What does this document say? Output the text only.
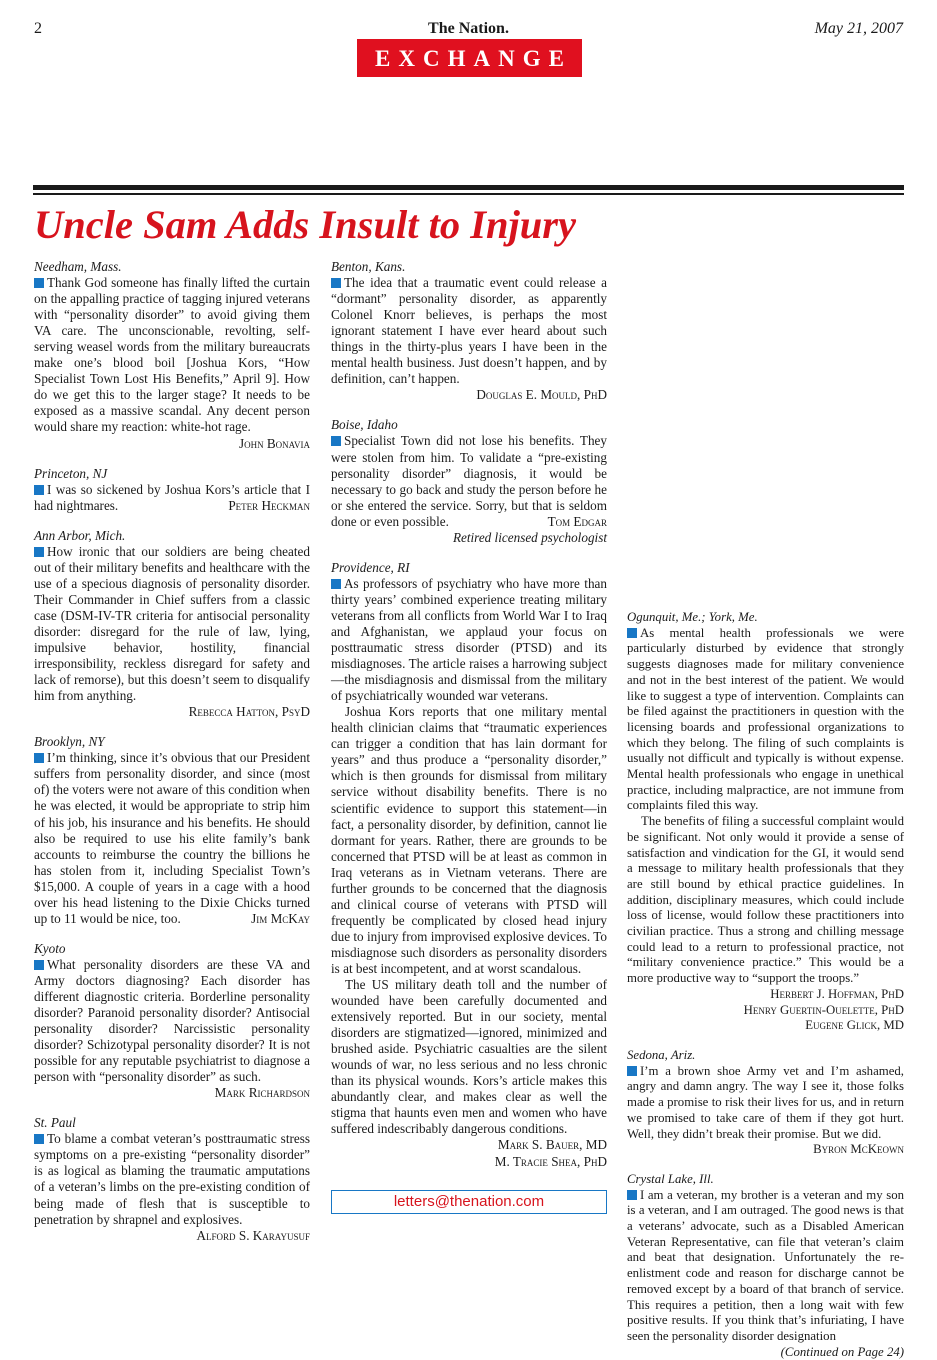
2	The Nation.	May 21, 2007
EXCHANGE
Uncle Sam Adds Insult to Injury
Needham, Mass.
Thank God someone has finally lifted the curtain on the appalling practice of tagging injured veterans with “personality disorder” to avoid giving them VA care. The unconscionable, revolting, self-serving weasel words from the military bureaucrats make one’s blood boil [Joshua Kors, “How Specialist Town Lost His Benefits,” April 9]. How do we get this to the larger stage? It needs to be exposed as a massive scandal. Any decent person would share my reaction: white-hot rage.
John Bonavia
Princeton, NJ
I was so sickened by Joshua Kors’s article that I had nightmares.	Peter Heckman
Ann Arbor, Mich.
How ironic that our soldiers are being cheated out of their military benefits and healthcare with the use of a specious diagnosis of personality disorder. Their Commander in Chief suffers from a classic case (DSM-IV-TR criteria for antisocial personality disorder: disregard for the rule of law, lying, impulsive behavior, hostility, financial irresponsibility, reckless disregard for safety and lack of remorse), but this doesn’t seem to disqualify him from anything.
Rebecca Hatton, PsyD
Brooklyn, NY
I’m thinking, since it’s obvious that our President suffers from personality disorder, and since (most of) the voters were not aware of this condition when he was elected, it would be appropriate to strip him of his job, his insurance and his benefits. He should also be required to use his elite family’s bank accounts to reimburse the country the billions he has stolen from it, including Specialist Town’s $15,000. A couple of years in a cage with a hood over his head listening to the Dixie Chicks turned up to 11 would be nice, too.	Jim McKay
Kyoto
What personality disorders are these VA and Army doctors diagnosing? Each disorder has different diagnostic criteria. Borderline personality disorder? Paranoid personality disorder? Antisocial personality disorder? Narcissistic personality disorder? Schizotypal personality disorder? It is not possible for any reputable psychiatrist to diagnose a person with “personality disorder” as such.
Mark Richardson
St. Paul
To blame a combat veteran’s posttraumatic stress symptoms on a pre-existing “personality disorder” is as logical as blaming the traumatic amputations of a veteran’s limbs on the pre-existing condition of being made of flesh that is susceptible to penetration by shrapnel and explosives.
Alford S. Karayusuf
Benton, Kans.
The idea that a traumatic event could release a “dormant” personality disorder, as apparently Colonel Knorr believes, is perhaps the most ignorant statement I have ever heard about such things in the thirty-plus years I have been in the mental health business. Just doesn’t happen, and by definition, can’t happen.
Douglas E. Mould, PhD
Boise, Idaho
Specialist Town did not lose his benefits. They were stolen from him. To validate a “pre-existing personality disorder” diagnosis, it would be necessary to go back and study the person before he or she entered the service. Sorry, but that is seldom done or even possible.	Tom Edgar
Retired licensed psychologist
Providence, RI
As professors of psychiatry who have more than thirty years’ combined experience treating military veterans from all conflicts from World War I to Iraq and Afghanistan, we applaud your focus on posttraumatic stress disorder (PTSD) and its misdiagnoses. The article raises a harrowing subject—the misdiagnosis and dismissal from the military of psychiatrically wounded war veterans.
Joshua Kors reports that one military mental health clinician claims that “traumatic experiences can trigger a condition that has lain dormant for years” and thus produce a “personality disorder,” which is then grounds for dismissal from military service without disability benefits. There is no scientific evidence to support this statement—in fact, a personality disorder, by definition, cannot lie dormant for years. Rather, there are grounds to be concerned that PTSD will be at least as common in Iraq veterans as in Vietnam veterans. There are further grounds to be concerned that the diagnosis and clinical course of veterans with PTSD will frequently be complicated by closed head injury due to injury from improvised explosive devices. To misdiagnose such disorders as personality disorders is at best incompetent, and at worst scandalous.
The US military death toll and the number of wounded have been carefully documented and extensively reported. But in our society, mental disorders are stigmatized—ignored, minimized and brushed aside. Psychiatric casualties are the silent wounds of war, no less serious and no less chronic than its physical wounds. Kors’s article makes this abundantly clear, and makes clear as well the stigma that haunts even men and women who have suffered indescribably dangerous conditions.
Mark S. Bauer, MD
M. Tracie Shea, PhD
Ogunquit, Me.; York, Me.
As mental health professionals we were particularly disturbed by evidence that strongly suggests diagnoses made for military convenience and not in the best interest of the patient. We would like to suggest a type of intervention. Complaints can be filed against the practitioners in question with the licensing boards and professional organizations to which they belong. The filing of such complaints is usually not difficult and typically is without expense. Mental health professionals who engage in unethical practice, including malpractice, are not immune from complaints filed this way.
The benefits of filing a successful complaint would be significant. Not only would it provide a sense of satisfaction and vindication for the GI, it would send a message to military health professionals that they are still bound by ethical practice guidelines. In addition, disciplinary measures, which could include loss of license, would follow these practitioners into civilian practice. Thus a strong and chilling message could lead to a return to professional practice, not “military convenience practice.” This would be a more productive way to “support the troops.”
Herbert J. Hoffman, PhD
Henry Guertin-Ouelette, PhD
Eugene Glick, MD
Sedona, Ariz.
I’m a brown shoe Army vet and I’m ashamed, angry and damn angry. The way I see it, those folks made a promise to risk their lives for us, and in return we promised to take care of them if they got hurt. Well, they didn’t break their promise. But we did.
Byron McKeown
Crystal Lake, Ill.
I am a veteran, my brother is a veteran and my son is a veteran, and I am outraged. The good news is that a veterans’ advocate, such as a Disabled American Veteran Representative, can file that veteran’s claim and beat that designation. Unfortunately the re-enlistment code and reason for discharge cannot be removed except by a board of that branch of service. This requires a petition, then a long wait with few positive results. If you think that’s infuriating, I have seen the personality disorder designation
(Continued on Page 24)
letters@thenation.com
